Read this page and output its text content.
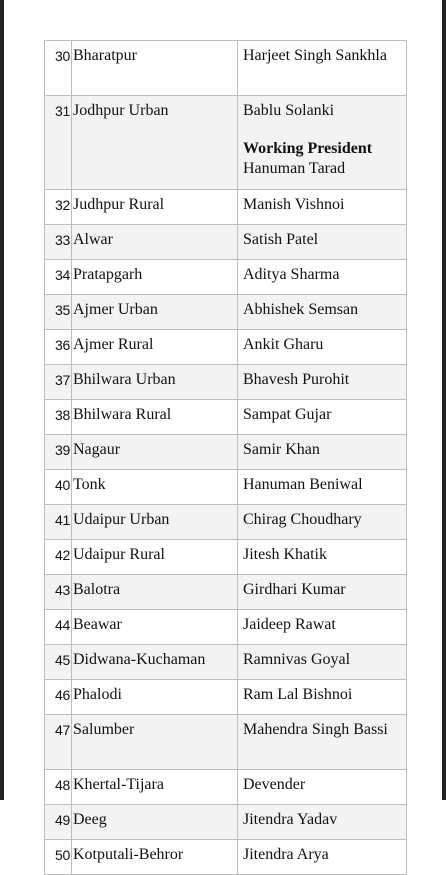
30	Bharatpur	Harjeet Singh Sankhla
31	Jodhpur Urban	Bablu Solanki
Working President
Hanuman Tarad

32	Judhpur Rural	Manish Vishnoi
33	Alwar	Satish Patel
34	Pratapgarh	Aditya Sharma
35	Ajmer Urban	Abhishek Semsan
36	Ajmer Rural	Ankit Gharu
37	Bhilwara Urban	Bhavesh Purohit
38	Bhilwara Rural	Sampat Gujar
39	Nagaur	Samir Khan
40	Tonk	Hanuman Beniwal
41	Udaipur Urban	Chirag Choudhary
42	Udaipur Rural	Jitesh Khatik
43	Balotra	Girdhari Kumar
44	Beawar	Jaideep Rawat
45	Didwana-Kuchaman	Ramnivas Goyal
46	Phalodi	Ram Lal Bishnoi
47	Salumber	Mahendra Singh Bassi
48	Khertal-Tijara	Devender
49	Deeg	Jitendra Yadav
50	Kotputali-Behror	Jitendra Arya
